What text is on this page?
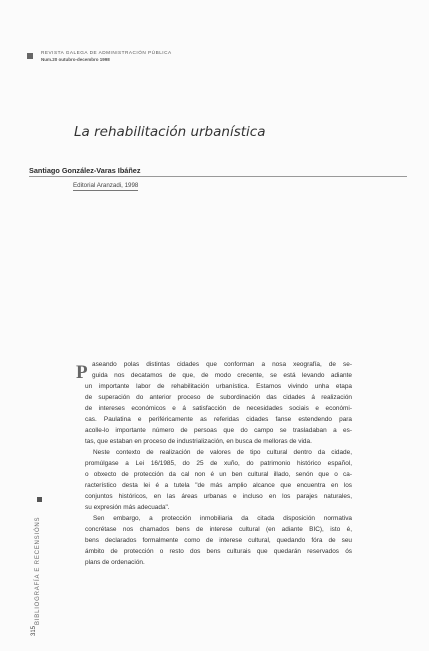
REVISTA GALEGA DE ADMINISTRACIÓN PÚBLICA
Num.20 outubro-decembro 1998
La rehabilitación urbanística
Santiago González-Varas Ibáñez
Editorial Aranzadi, 1998
BIBLIOGRAFÍA E RECENSIÓNS
315
P aseando polas distintas cidades que conforman a nosa xeografía, de se-
guida nos decatamos de que, de modo crecente, se está levando adiante
un importante labor de rehabilitación urbanística. Estamos vivindo unha etapa
de superación do anterior proceso de subordinación das cidades á realización
de intereses económicos e á satisfacción de necesidades sociais e económi-
cas. Paulatina e periféricamente as referidas cidades fanse estendendo para
acolle-lo importante número de persoas que do campo se trasladaban a es-
tas, que estaban en proceso de industrialización, en busca de melloras de vida.
Neste contexto de realización de valores de tipo cultural dentro da cidade,
promúlgase a Lei 16/1985, do 25 de xuño, do patrimonio histórico español,
o obxecto de protección da cal non é un ben cultural illado, senón que o ca-
racterístico desta lei é a tutela "de más amplio alcance que encuentra en los
conjuntos históricos, en las áreas urbanas e incluso en los parajes naturales,
su expresión más adecuada".
Sen embargo, a protección inmobiliaria da citada disposición normativa
concrétase nos chamados bens de interese cultural (en adiante BIC), isto é,
bens declarados formalmente como de interese cultural, quedando fóra de seu
ámbito de protección o resto dos bens culturais que quedarán reservados ós
plans de ordenación.
